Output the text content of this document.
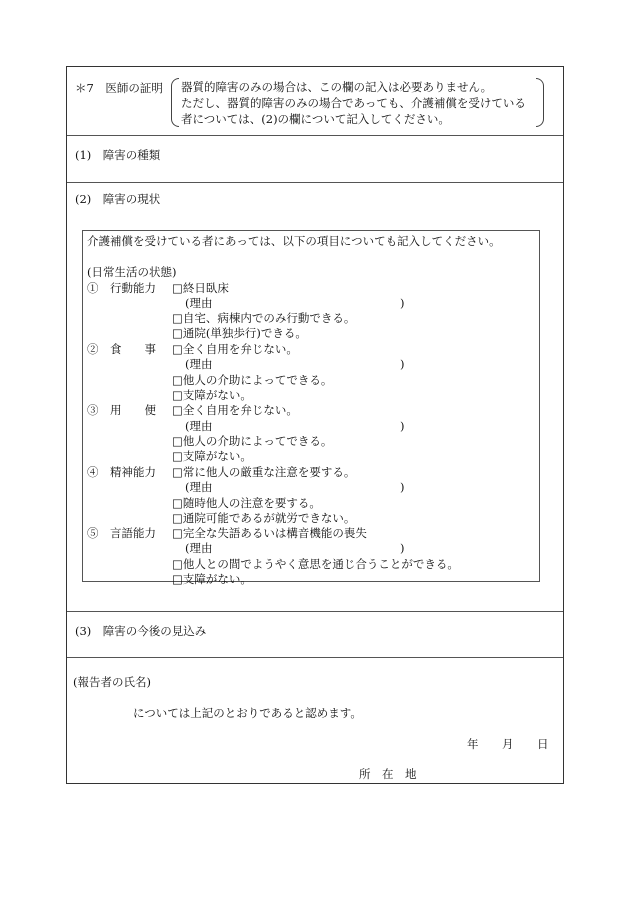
＊7　医師の証明 器質的障害のみの場合は、この欄の記入は必要ありません。
ただし、器質的障害のみの場合であっても、介護補償を受けている
者については、(2)の欄について記入してください。
(1)　障害の種類
(2)　障害の現状
介護補償を受けている者にあっては、以下の項目についても記入してください。
(日常生活の状態)
①　行動能力 □終日臥床
(理由	)
□自宅、病棟内でのみ行動できる。
□通院(単独歩行)できる。
②　食　　事 □全く自用を弁じない。
(理由	)
□他人の介助によってできる。
□支障がない。
③　用　　便 □全く自用を弁じない。
(理由	)
□他人の介助によってできる。
□支障がない。
④　精神能力 □常に他人の厳重な注意を要する。
(理由	)
□随時他人の注意を要する。
□通院可能であるが就労できない。
⑤　言語能力 □完全な失語あるいは構音機能の喪失
(理由	)
□他人との間でようやく意思を通じ合うことができる。
□支障がない。
(3)　障害の今後の見込み
(報告者の氏名)
については上記のとおりであると認めます。
年 月 日
所　在　地
